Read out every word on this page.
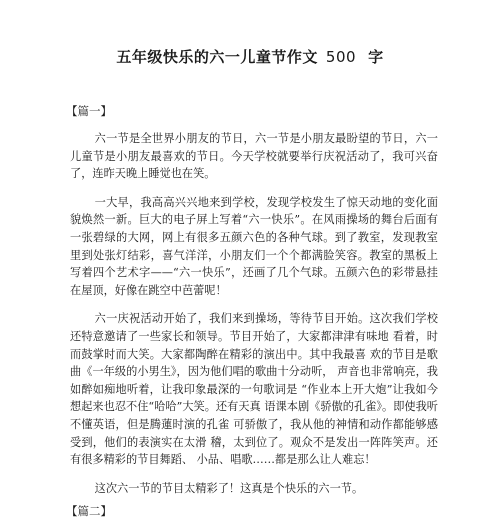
五年级快乐的六一儿童节作文 500 字
【篇一】

六一节是全世界小朋友的节日，六一节是小朋友最盼望的节日，六一儿童节是小朋友最喜欢的节日。今天学校就要举行庆祝活动了，我可兴奋了，连昨天晚上睡觉也在笑。

一大早，我高高兴兴地来到学校，发现学校发生了惊天动地的变化面貌焕然一新。巨大的电子屏上写着“六一快乐”。在风雨操场的舞台后面有一张碧绿的大网，网上有很多五颜六色的各种气球。到了教室，发现教室里到处张灯结彩，喜气洋洋，小朋友们一个个都满脸笑容。教室的黑板上写着四个艺术字——“六一快乐”，还画了几个气球。五颜六色的彩带悬挂在屋顶，好像在跳空中芭蕾呢！

六一庆祝活动开始了，我们来到操场，等待节目开始。这次我们学校还特意邀请了一些家长和领导。节目开始了，大家都津津有味地 看着，时而鼓掌时而大笑。大家都陶醉在精彩的演出中。其中我最喜 欢的节目是歌曲《一年级的小男生》，因为他们唱的歌曲十分动听， 声音也非常响亮，我如醉如痴地听着，让我印象最深的一句歌词是 “作业本上开大炮”让我如今想起来也忍不住“哈哈”大笑。还有天真 语课本剧《骄傲的孔雀》。即使我听不懂英语，但是腾蓮时演的孔雀 可骄傲了，我从他的神情和动作都能够感受到，他们的表演实在太滑 稽，太到位了。观众不是发出一阵阵笑声。还有很多精彩的节目舞蹈、 小品、唱歌……都是那么让人难忘！

这次六一节的节目太精彩了！这真是个快乐的六一节。

【篇二】
